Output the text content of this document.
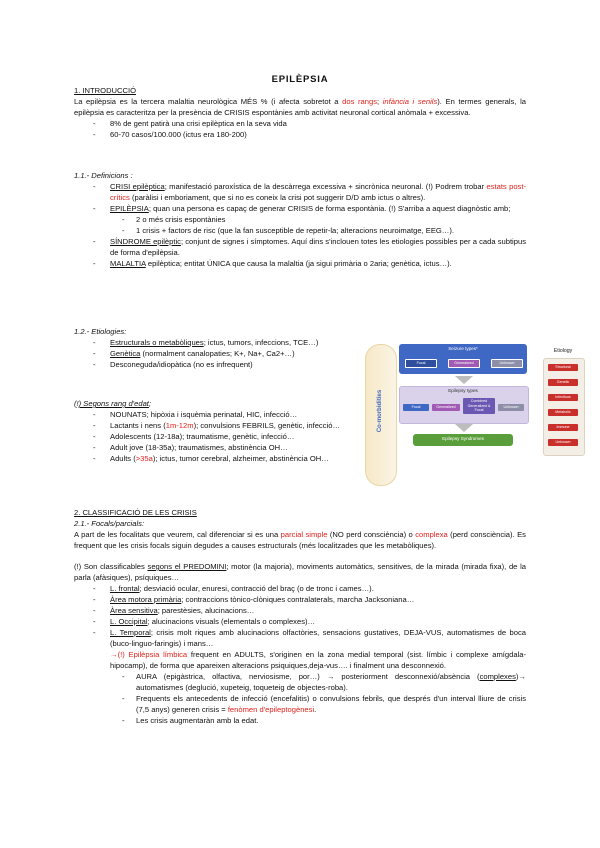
EPILÈPSIA

1. INTRODUCCIÓ

La epilèpsia es la tercera malaltia neurològica MÉS % (i afecta sobretot a dos rangs; infància i senils). En termes generals, la epilèpsia es caracteritza per la presència de CRISIS espontànies amb activitat neuronal cortical anòmala + excessiva.

- 8% de gent patirà una crisi epilèptica en la seva vida
- 60-70 casos/100.000 (ictus era 180-200)

1.1.- Definicions :

- CRISI epilèptica; manifestació paroxística de la descàrrega excessiva + sincrònica neuronal. (!) Podrem trobar estats post-crítics (paràlisi i emboriament, que si no es coneix la crisi pot suggerir D/D amb ictus o altres).
- EPILÈPSIA; quan una persona es capaç de generar CRISIS de forma espontània. (!) S'arriba a aquest diagnòstic amb;
- 2 o més crisis espontànies
- 1 crisis + factors de risc (que la fan susceptible de repetir-la; alteracions neuroimatge, EEG…).
- SÍNDROME epilèptic; conjunt de signes i símptomes. Aquí dins s'inclouen totes les etiologies possibles per a cada subtipus de forma d'epilèpsia.
- MALALTIA epilèptica; entitat ÚNICA que causa la malaltia (ja sigui primària o 2aria; genètica, ictus…).

1.2.- Etiologies:

- Estructurals o metabòliques; ictus, tumors, infeccions, TCE…)
- Genètica (normalment canalopaties; K+, Na+, Ca2+…)
- Desconeguda/idiopàtica (no es infrequent)

(!) Segons rang d'edat;

- NOUNATS; hipòxia i isquèmia perinatal, HIC, infecció…
- Lactants i nens (1m-12m); convulsions FEBRILS, genètic, infecció…
- Adolescents (12-18a); traumatisme, genètic, infecció…
- Adult jove (18-35a); traumatismes, abstinència OH…
- Adults (>35a); ictus, tumor cerebral, alzheimer, abstinència OH…
Co-morbidities
Seizure types*
Focal	Generalized	Unknown
Epilepsy types
Focal	Generalized
Combined Generalized & Focal
Unknown
Epilepsy Syndromes
Etiology
Structural
Genetic
Infectious
Metabolic
Immune
Unknown

2. CLASSIFICACIÓ DE LES CRISIS

2.1.- Focals/parcials:

A part de les focalitats que veurem, cal diferenciar si es una parcial simple (NO perd consciència) o complexa (perd consciència). Es frequent que les crisis focals siguin degudes a causes estructurals (més localitzades que les metabòliques).

(!) Son classificables segons el PREDOMINI; motor (la majoria), moviments automàtics, sensitives, de la mirada (mirada fixa), de la parla (afàsiques), psíquiques…

- L. frontal; desviació ocular, enuresi, contracció del braç (o de tronc i cames…).
- Àrea motora primària; contraccions tònico-clòniques contralaterals, marcha Jacksoniana…
- Àrea sensitiva; parestèsies, alucinacions…
- L. Occipital; alucinacions visuals (elementals o complexes)…
- L. Temporal; crisis molt riques amb alucinacions olfactòries, sensacions gustatives, DEJA-VUS, automatismes de boca (buco-linguo-faringis) i mans…

→ (!) Epilèpsia límbica frequent en ADULTS, s'originen en la zona medial temporal (sist. límbic i complexe amígdala-hipocamp), de forma que apareixen alteracions psiquiques,deja-vus…. i finalment una desconnexió.

- AURA (epigàstrica, olfactiva, nerviosisme, por…) → posteriorment desconnexió/absència (complexes)→ automatismes (deglució, xupeteig, toqueteig de objectes-roba).
- Frequents els antecedents de infecció (encefalitis) o convulsions febrils, que després d'un interval lliure de crisis (7,5 anys) generen crisis = fenòmen d'epileptogènesi.
- Les crisis augmentaràn amb la edat.
